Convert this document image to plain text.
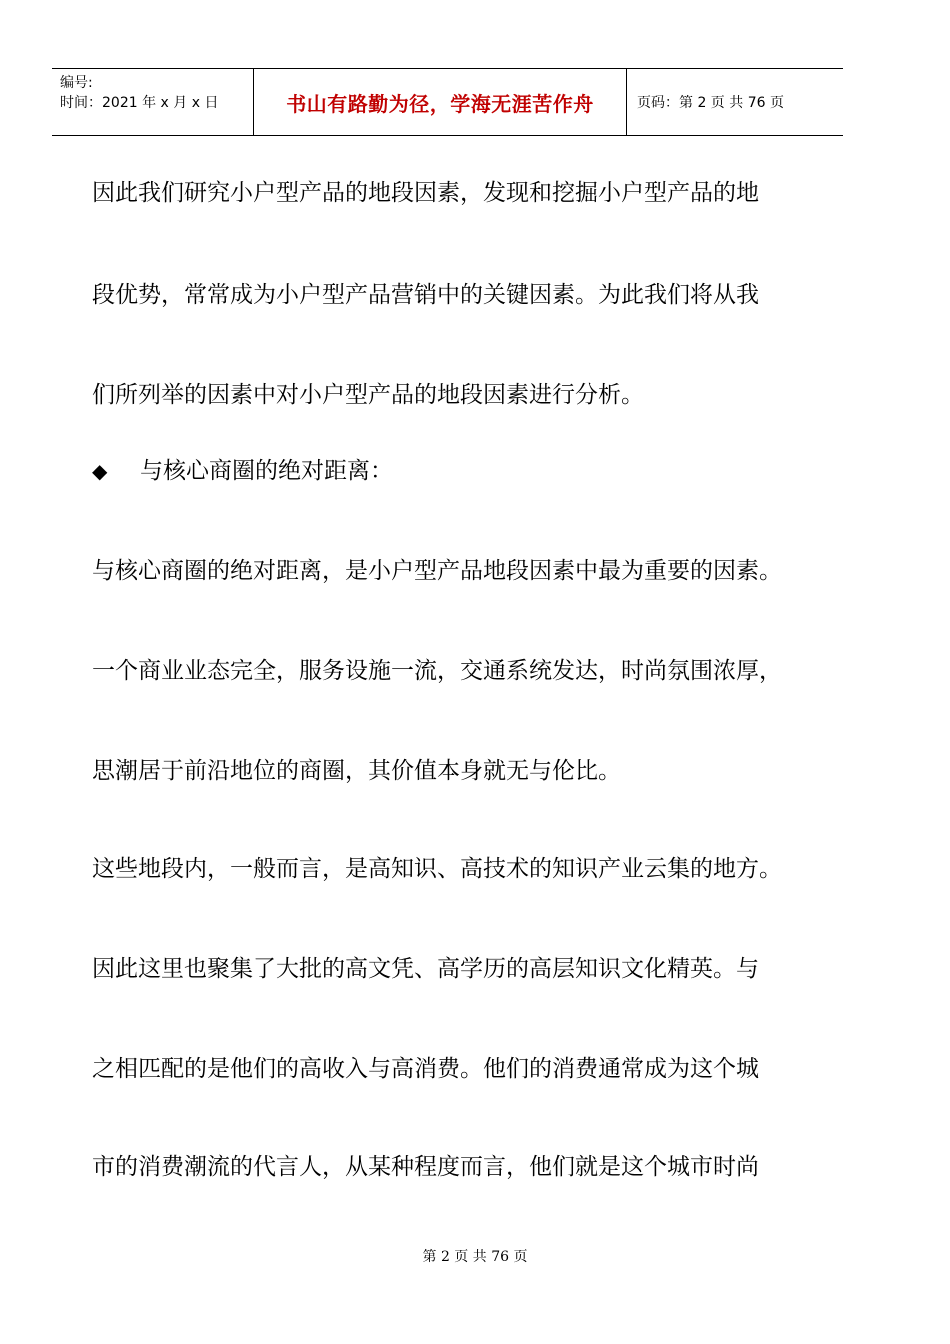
编号:
时间：2021 年 x 月 x 日	书山有路勤为径，学海无涯苦作舟	页码：第 2 页 共 76 页
因此我们研究小户型产品的地段因素，发现和挖掘小户型产品的地
段优势，常常成为小户型产品营销中的关键因素。为此我们将从我
们所列举的因素中对小户型产品的地段因素进行分析。
◆ 与核心商圈的绝对距离：
与核心商圈的绝对距离，是小户型产品地段因素中最为重要的因素。
一个商业业态完全，服务设施一流，交通系统发达，时尚氛围浓厚，
思潮居于前沿地位的商圈，其价值本身就无与伦比。
这些地段内，一般而言，是高知识、高技术的知识产业云集的地方。
因此这里也聚集了大批的高文凭、高学历的高层知识文化精英。与
之相匹配的是他们的高收入与高消费。他们的消费通常成为这个城
市的消费潮流的代言人，从某种程度而言，他们就是这个城市时尚
第 2 页 共 76 页
